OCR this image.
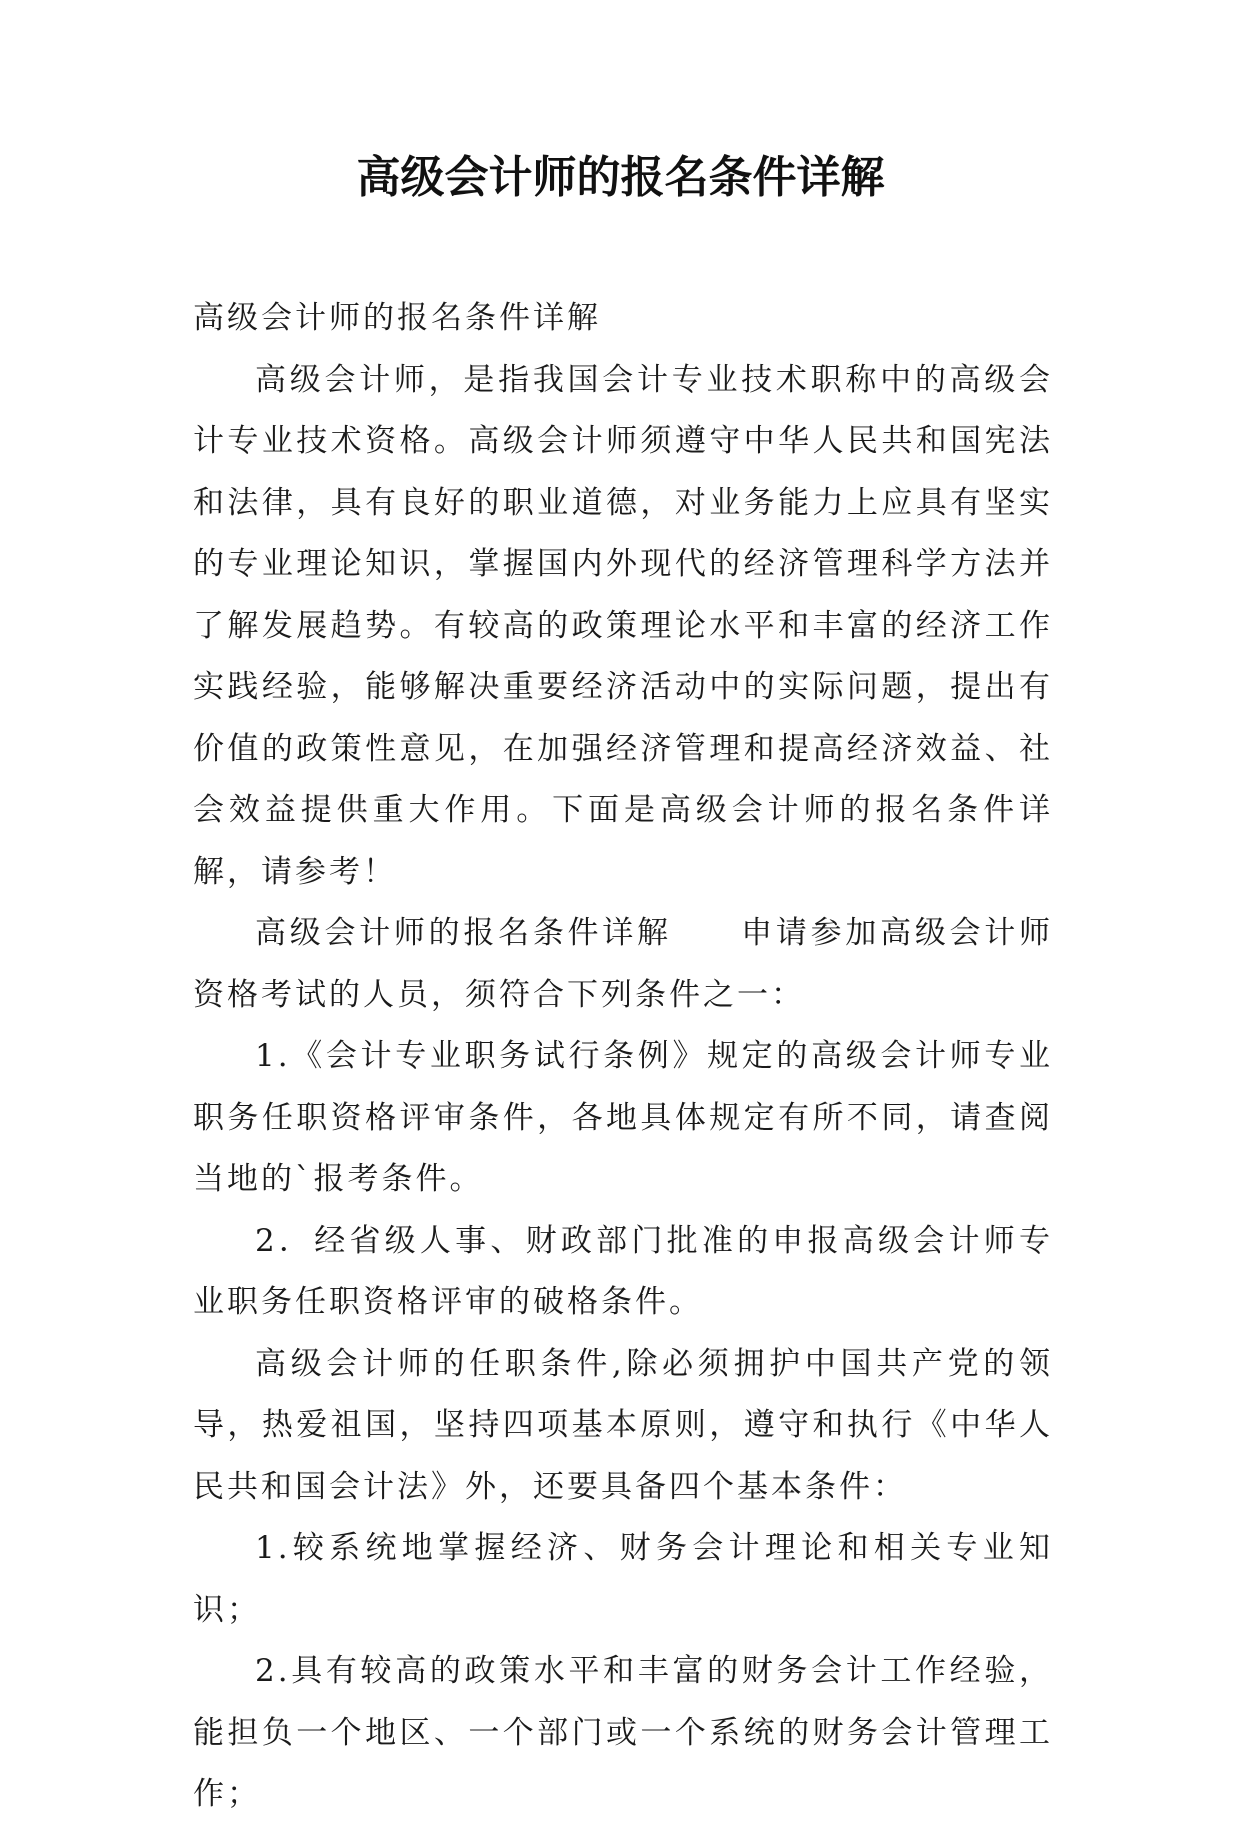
高级会计师的报名条件详解

高级会计师的报名条件详解

高级会计师，是指我国会计专业技术职称中的高级会计专业技术资格。高级会计师须遵守中华人民共和国宪法和法律，具有良好的职业道德，对业务能力上应具有坚实的专业理论知识，掌握国内外现代的经济管理科学方法并了解发展趋势。有较高的政策理论水平和丰富的经济工作实践经验，能够解决重要经济活动中的实际问题，提出有价值的政策性意见，在加强经济管理和提高经济效益、社会效益提供重大作用。下面是高级会计师的报名条件详解，请参考！

高级会计师的报名条件详解　　申请参加高级会计师资格考试的人员，须符合下列条件之一：

1.《会计专业职务试行条例》规定的高级会计师专业职务任职资格评审条件，各地具体规定有所不同，请查阅当地的`报考条件。

2．经省级人事、财政部门批准的申报高级会计师专业职务任职资格评审的破格条件。

高级会计师的任职条件,除必须拥护中国共产党的领导，热爱祖国，坚持四项基本原则，遵守和执行《中华人民共和国会计法》外，还要具备四个基本条件：

1.较系统地掌握经济、财务会计理论和相关专业知识；

2.具有较高的政策水平和丰富的财务会计工作经验，能担负一个地区、一个部门或一个系统的财务会计管理工作；
